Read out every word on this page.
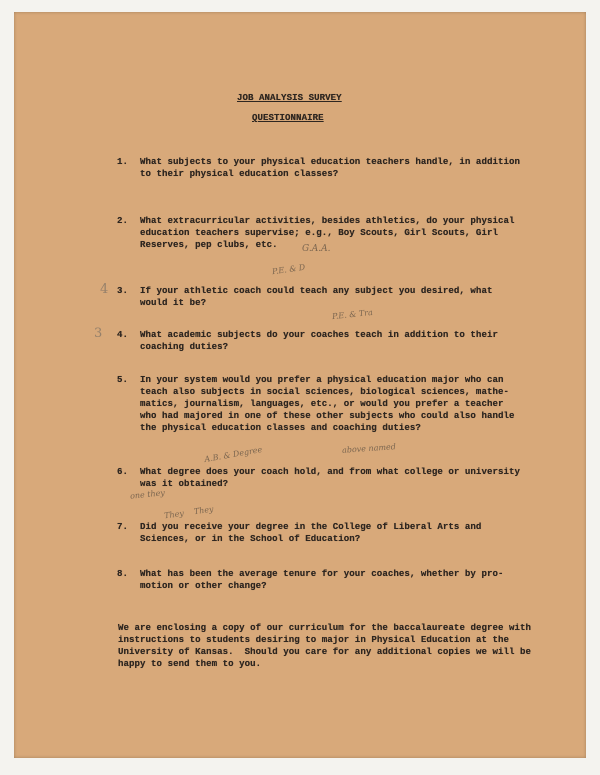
JOB ANALYSIS SURVEY
QUESTIONNAIRE
1. What subjects to your physical education teachers handle, in addition
to their physical education classes?
2. What extracurricular activities, besides athletics, do your physical
education teachers supervise; e.g., Boy Scouts, Girl Scouts, Girl
Reserves, pep clubs, etc.	G.A.A.
4
P.E. & D
3. If your athletic coach could teach any subject you desired, what
would it be?
3
P.E. & Tra
4. What academic subjects do your coaches teach in addition to their
coaching duties?
5. In your system would you prefer a physical education major who can
teach also subjects in social sciences, biological sciences, mathe-
matics, journalism, languages, etc., or would you prefer a teacher
who had majored in one of these other subjects who could also handle
the physical education classes and coaching duties?
above named
A.B. & Degree
6. What degree does your coach hold, and from what college or university
was it obtained?
one they
They    They
7. Did you receive your degree in the College of Liberal Arts and
Sciences, or in the School of Education?
8. What has been the average tenure for your coaches, whether by pro-
motion or other change?
We are enclosing a copy of our curriculum for the baccalaureate degree with
instructions to students desiring to major in Physical Education at the
University of Kansas.  Should you care for any additional copies we will be
happy to send them to you.
